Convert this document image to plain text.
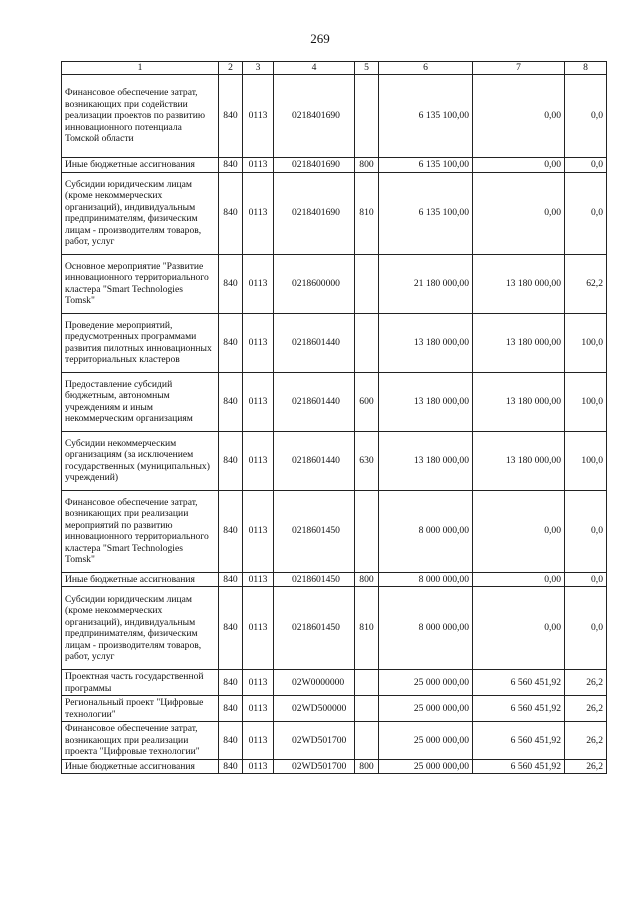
269
1	2	3	4	5	6	7	8
Финансовое обеспечение затрат, возникающих при содействии реализации проектов по развитию инновационного потенциала Томской области	840	0113	0218401690		6 135 100,00	0,00	0,0
Иные бюджетные ассигнования	840	0113	0218401690	800	6 135 100,00	0,00	0,0
Субсидии юридическим лицам (кроме некоммерческих организаций), индивидуальным предпринимателям, физическим лицам - производителям товаров, работ, услуг	840	0113	0218401690	810	6 135 100,00	0,00	0,0
Основное мероприятие "Развитие инновационного территориального кластера "Smart Technologies Tomsk"	840	0113	0218600000		21 180 000,00	13 180 000,00	62,2
Проведение мероприятий, предусмотренных программами развития пилотных инновационных территориальных кластеров	840	0113	0218601440		13 180 000,00	13 180 000,00	100,0
Предоставление субсидий бюджетным, автономным учреждениям и иным некоммерческим организациям	840	0113	0218601440	600	13 180 000,00	13 180 000,00	100,0
Субсидии некоммерческим организациям (за исключением государственных (муниципальных) учреждений)	840	0113	0218601440	630	13 180 000,00	13 180 000,00	100,0
Финансовое обеспечение затрат, возникающих при реализации мероприятий по развитию инновационного территориального кластера "Smart Technologies Tomsk"	840	0113	0218601450		8 000 000,00	0,00	0,0
Иные бюджетные ассигнования	840	0113	0218601450	800	8 000 000,00	0,00	0,0
Субсидии юридическим лицам (кроме некоммерческих организаций), индивидуальным предпринимателям, физическим лицам - производителям товаров, работ, услуг	840	0113	0218601450	810	8 000 000,00	0,00	0,0
Проектная часть государственной программы	840	0113	02W0000000		25 000 000,00	6 560 451,92	26,2
Региональный проект "Цифровые технологии"	840	0113	02WD500000		25 000 000,00	6 560 451,92	26,2
Финансовое обеспечение затрат, возникающих при реализации проекта "Цифровые технологии"	840	0113	02WD501700		25 000 000,00	6 560 451,92	26,2
Иные бюджетные ассигнования	840	0113	02WD501700	800	25 000 000,00	6 560 451,92	26,2
